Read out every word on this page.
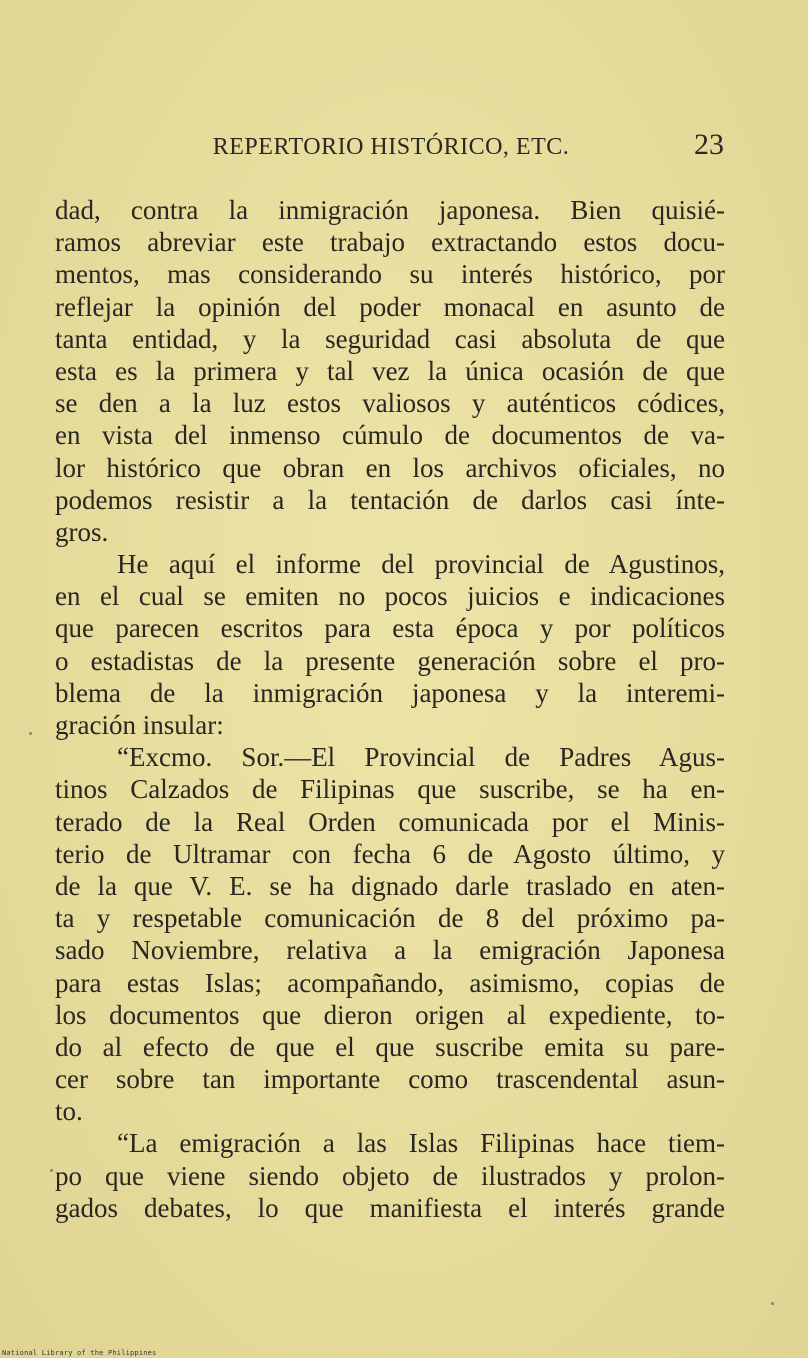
REPERTORIO HISTÓRICO, ETC.	23
dad, contra la inmigración japonesa. Bien quisié-
ramos abreviar este trabajo extractando estos docu-
mentos, mas considerando su interés histórico, por
reflejar la opinión del poder monacal en asunto de
tanta entidad, y la seguridad casi absoluta de que
esta es la primera y tal vez la única ocasión de que
se den a la luz estos valiosos y auténticos códices,
en vista del inmenso cúmulo de documentos de va-
lor histórico que obran en los archivos oficiales, no
podemos resistir a la tentación de darlos casi ínte-
gros.
He aquí el informe del provincial de Agustinos,
en el cual se emiten no pocos juicios e indicaciones
que parecen escritos para esta época y por políticos
o estadistas de la presente generación sobre el pro-
blema de la inmigración japonesa y la interemi-
gración insular:
“Excmo. Sor.—El Provincial de Padres Agus-
tinos Calzados de Filipinas que suscribe, se ha en-
terado de la Real Orden comunicada por el Minis-
terio de Ultramar con fecha 6 de Agosto último, y
de la que V. E. se ha dignado darle traslado en aten-
ta y respetable comunicación de 8 del próximo pa-
sado Noviembre, relativa a la emigración Japonesa
para estas Islas; acompañando, asimismo, copias de
los documentos que dieron origen al expediente, to-
do al efecto de que el que suscribe emita su pare-
cer sobre tan importante como trascendental asun-
to.
“La emigración a las Islas Filipinas hace tiem-
po que viene siendo objeto de ilustrados y prolon-
gados debates, lo que manifiesta el interés grande
National Library of the Philippines
